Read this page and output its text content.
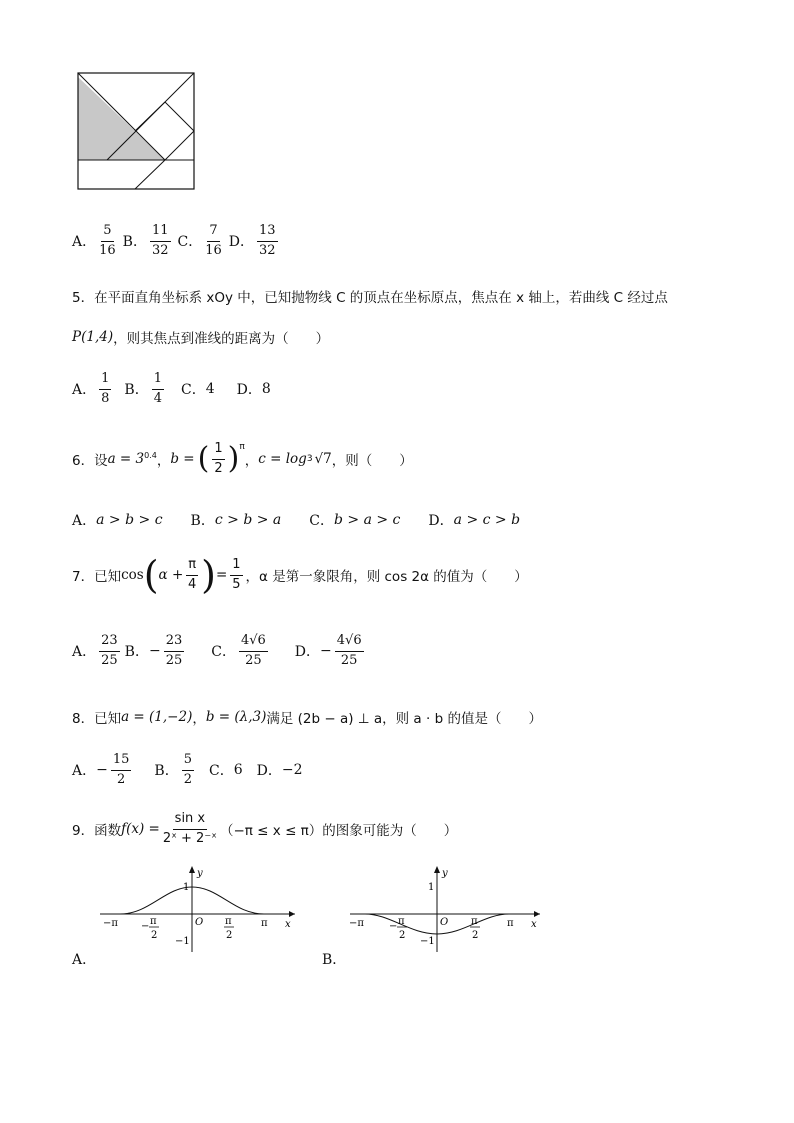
A． $\frac{5}{16}$ B． $\frac{11}{32}$ C． $\frac{7}{16}$ D． $\frac{13}{32}$
5． 在平面直角坐标系 xOy 中，已知抛物线 C 的顶点在坐标原点，焦点在 x 轴上，若曲线 C 经过点
P(1,4) ，则其焦点到准线的距离为（　　）
A． $\frac{1}{8}$ B． $\frac{1}{4}$ C． 4 D． 8
6． 设 $a = 3^{0.4}$ ， b = ( $\frac{1}{2} )^\pi$
， c = log 3 √7 ，则（　　）
A． a > b > c B． c > b > a C． b > a > c D． a > c > b
7． 已知 cos ( $\alpha + \frac{\pi}{4}$ ) = $\frac{1}{5}$ ，α 是第一象限角，则 cos 2α 的值为（　　）
A． $\frac{23}{25}$ B． − $\frac{23}{25}$ C． $\frac{4√6}{25}$ D． − $\frac{4√6}{25}$
8． 已知 a = (1,−2) ， b = (λ,3) 满足 (2b − a) ⊥ a ，则 a · b 的值是（　　）
A． − $\frac{15}{2}$ B． $\frac{5}{2}$ C． 6 D． −2
9． 函数 $f(x) = \frac{\text{sin x}}{\text{2ˣ + 2⁻ˣ}} (-\pi \le x \le \pi)$的图象可能为（　　）
y
x
O
1
−1
−π	π
− π
2
π
2
A．
y
x
O
1
−1
−π	π
− π
2
π
2
B．
